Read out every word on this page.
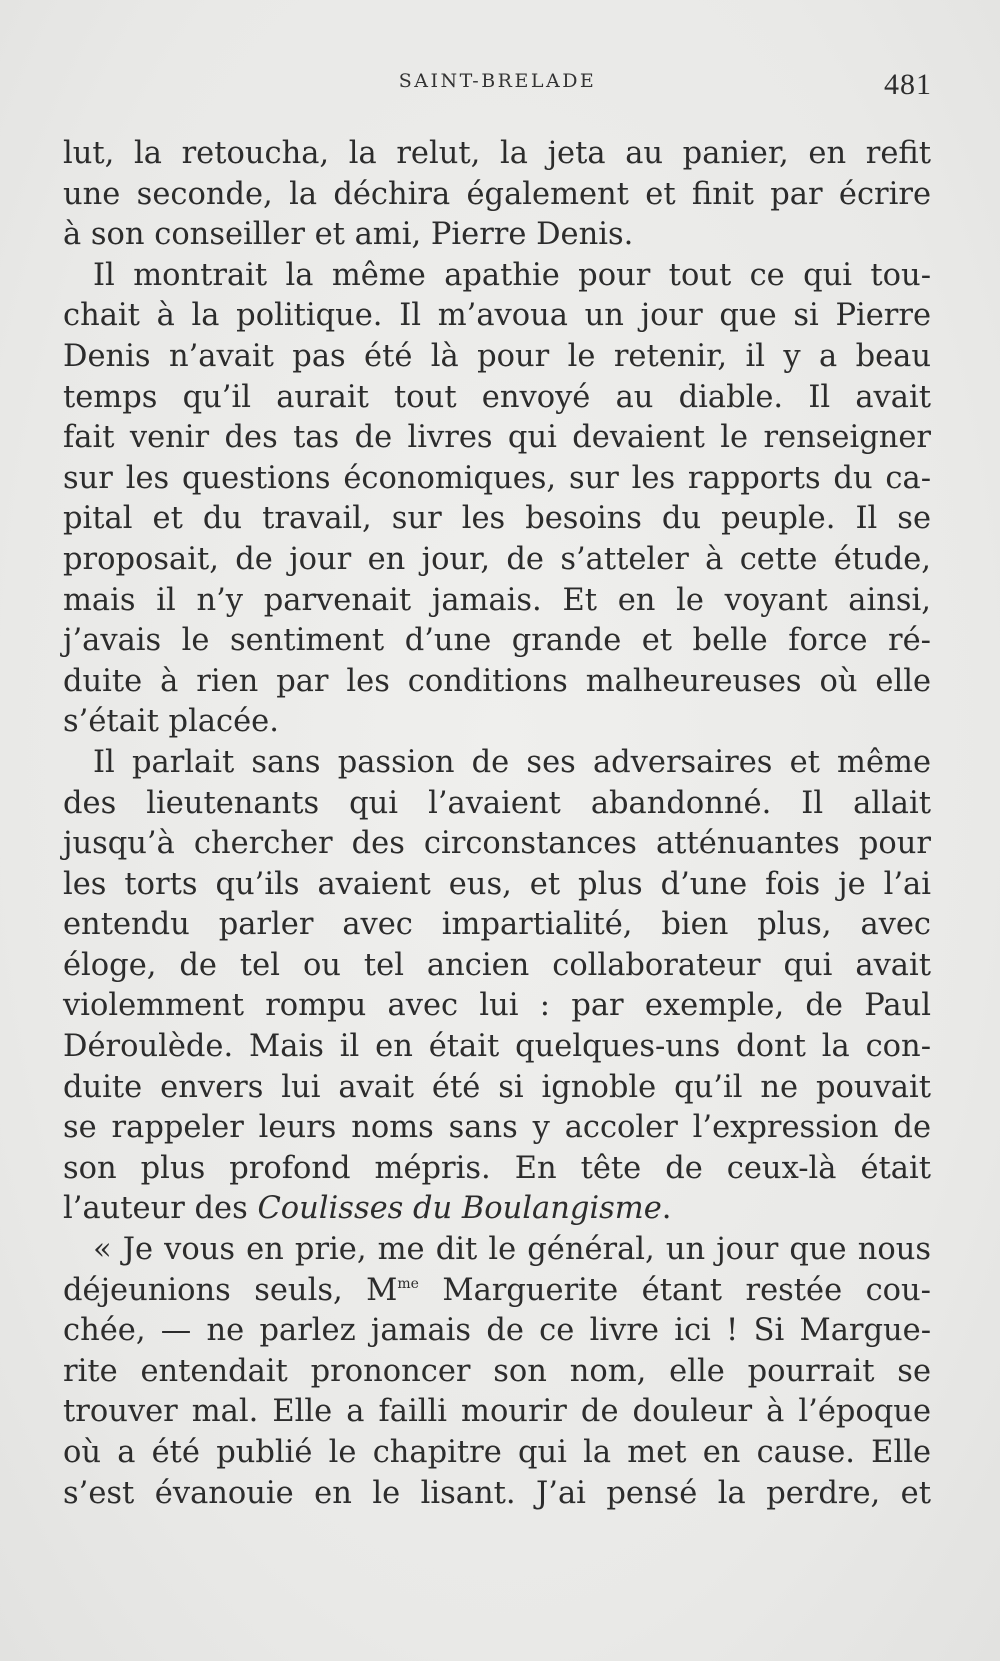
SAINT-BRELADE	481
lut, la retoucha, la relut, la jeta au panier, en refit
une seconde, la déchira également et finit par écrire
à son conseiller et ami, Pierre Denis.
Il montrait la même apathie pour tout ce qui tou-
chait à la politique. Il m’avoua un jour que si Pierre
Denis n’avait pas été là pour le retenir, il y a beau
temps qu’il aurait tout envoyé au diable. Il avait
fait venir des tas de livres qui devaient le renseigner
sur les questions économiques, sur les rapports du ca-
pital et du travail, sur les besoins du peuple. Il se
proposait, de jour en jour, de s’atteler à cette étude,
mais il n’y parvenait jamais. Et en le voyant ainsi,
j’avais le sentiment d’une grande et belle force ré-
duite à rien par les conditions malheureuses où elle
s’était placée.
Il parlait sans passion de ses adversaires et même
des lieutenants qui l’avaient abandonné. Il allait
jusqu’à chercher des circonstances atténuantes pour
les torts qu’ils avaient eus, et plus d’une fois je l’ai
entendu parler avec impartialité, bien plus, avec
éloge, de tel ou tel ancien collaborateur qui avait
violemment rompu avec lui : par exemple, de Paul
Déroulède. Mais il en était quelques-uns dont la con-
duite envers lui avait été si ignoble qu’il ne pouvait
se rappeler leurs noms sans y accoler l’expression de
son plus profond mépris. En tête de ceux-là était
l’auteur des Coulisses du Boulangisme.
« Je vous en prie, me dit le général, un jour que nous
déjeunions seuls, $M^{me}$ Marguerite étant restée cou-
chée, — ne parlez jamais de ce livre ici ! Si Margue-
rite entendait prononcer son nom, elle pourrait se
trouver mal. Elle a failli mourir de douleur à l’époque
où a été publié le chapitre qui la met en cause. Elle
s’est évanouie en le lisant. J’ai pensé la perdre, et
